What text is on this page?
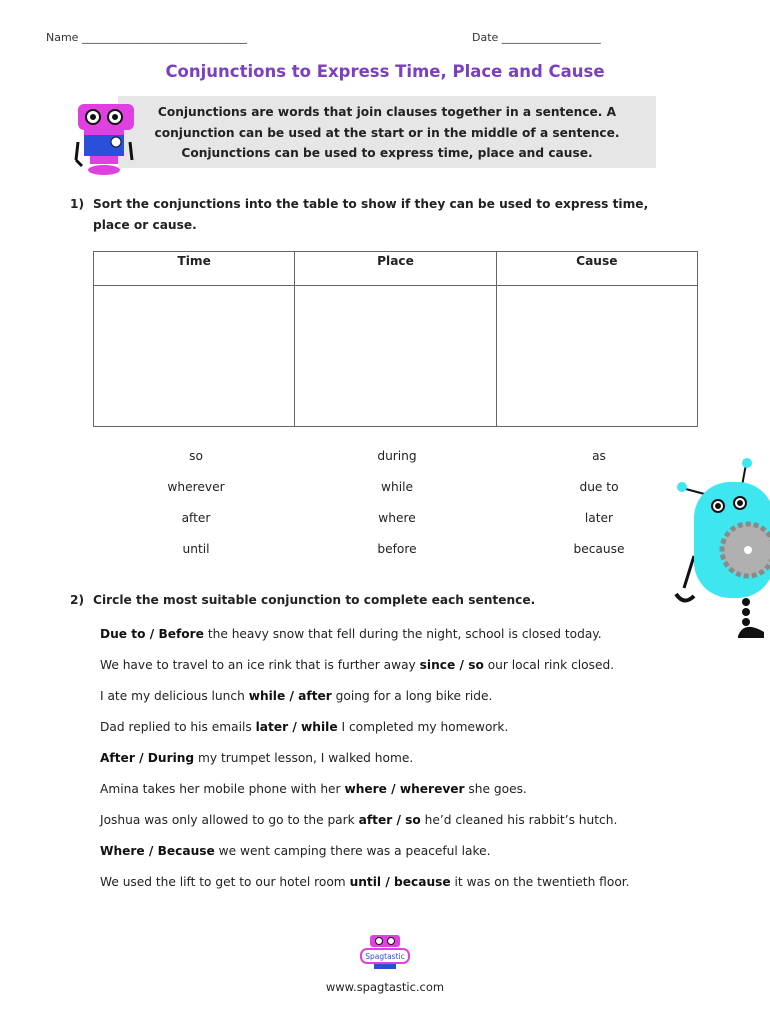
Name ______________________________	Date __________________
Conjunctions to Express Time, Place and Cause
Conjunctions are words that join clauses together in a sentence. A
conjunction can be used at the start or in the middle of a sentence.
Conjunctions can be used to express time, place and cause.
1) Sort the conjunctions into the table to show if they can be used to express time,
place or cause.
Time	Place	Cause

so	during	as
wherever	while	due to
after	where	later
until	before	because
2) Circle the most suitable conjunction to complete each sentence.
Due to / Before the heavy snow that fell during the night, school is closed today.
We have to travel to an ice rink that is further away since / so our local rink closed.
I ate my delicious lunch while / after going for a long bike ride.
Dad replied to his emails later / while I completed my homework.
After / During my trumpet lesson, I walked home.
Amina takes her mobile phone with her where / wherever she goes.
Joshua was only allowed to go to the park after / so he’d cleaned his rabbit’s hutch.
Where / Because we went camping there was a peaceful lake.
We used the lift to get to our hotel room until / because it was on the twentieth floor.
Spagtastic
www.spagtastic.com
